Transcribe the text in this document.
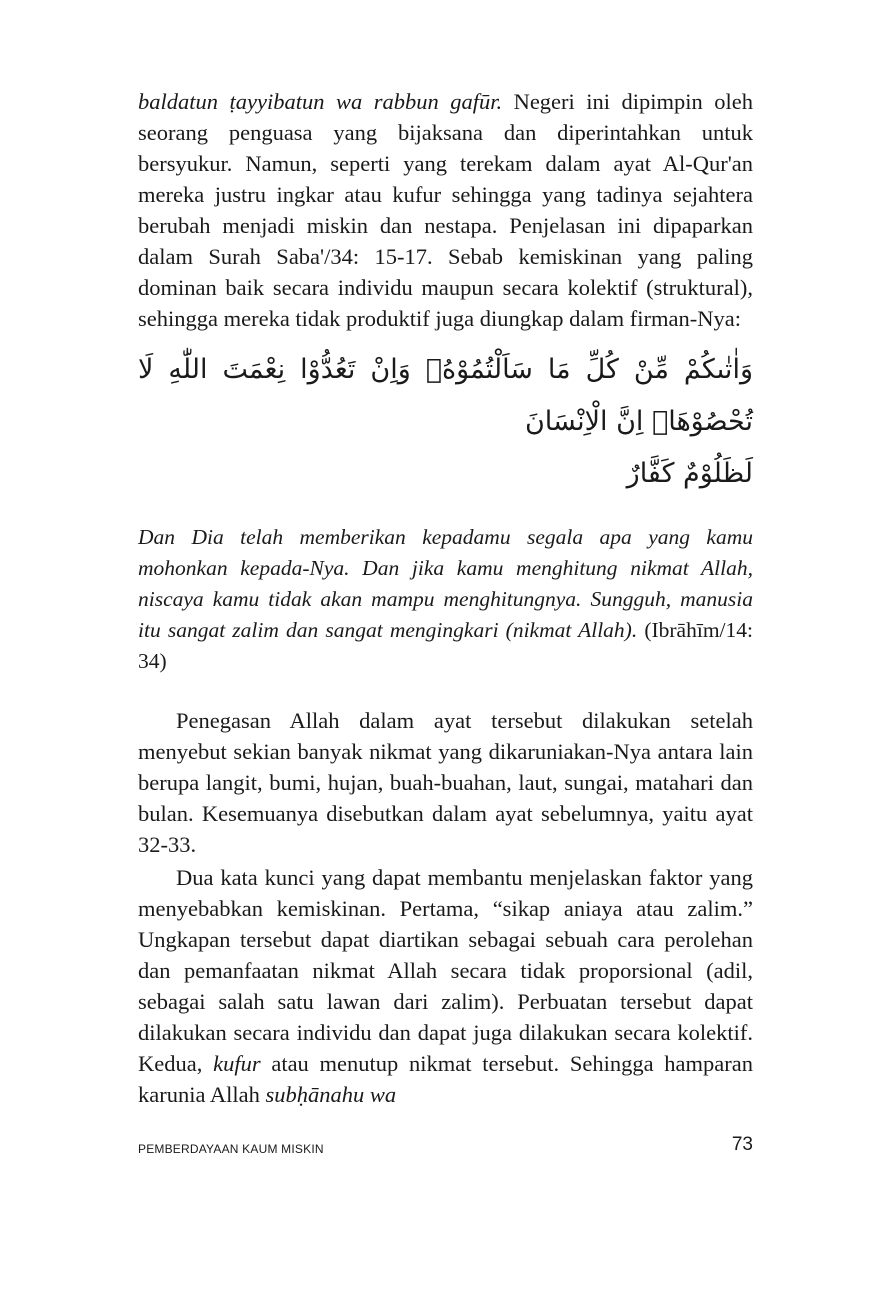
baldatun ṭayyibatun wa rabbun gafūr. Negeri ini dipimpin oleh seorang penguasa yang bijaksana dan diperintahkan untuk bersyukur. Namun, seperti yang terekam dalam ayat Al-Qur'an mereka justru ingkar atau kufur sehingga yang tadinya sejahtera berubah menjadi miskin dan nestapa. Penjelasan ini dipaparkan dalam Surah Saba'/34: 15-17. Sebab kemiskinan yang paling dominan baik secara individu maupun secara kolektif (struktural), sehingga mereka tidak produktif juga diungkap dalam firman-Nya:

وَاٰتٰىكُمْ مِّنْ كُلِّ مَا سَاَلْتُمُوْهُۗ وَاِنْ تَعُدُّوْا نِعْمَتَ اللّٰهِ لَا تُحْصُوْهَاۗ اِنَّ الْاِنْسَانَ
لَظَلُوْمٌ كَفَّارٌ

Dan Dia telah memberikan kepadamu segala apa yang kamu mohonkan kepada-Nya. Dan jika kamu menghitung nikmat Allah, niscaya kamu tidak akan mampu menghitungnya. Sungguh, manusia itu sangat zalim dan sangat mengingkari (nikmat Allah). (Ibrāhīm/14: 34)

Penegasan Allah dalam ayat tersebut dilakukan setelah menyebut sekian banyak nikmat yang dikaruniakan-Nya antara lain berupa langit, bumi, hujan, buah-buahan, laut, sungai, matahari dan bulan. Kesemuanya disebutkan dalam ayat sebelumnya, yaitu ayat 32-33.

Dua kata kunci yang dapat membantu menjelaskan faktor yang menyebabkan kemiskinan. Pertama, “sikap aniaya atau zalim.” Ungkapan tersebut dapat diartikan sebagai sebuah cara perolehan dan pemanfaatan nikmat Allah secara tidak proporsional (adil, sebagai salah satu lawan dari zalim). Perbuatan tersebut dapat dilakukan secara individu dan dapat juga dilakukan secara kolektif. Kedua, kufur atau menutup nikmat tersebut. Sehingga hamparan karunia Allah subḥānahu wa

PEMBERDAYAAN KAUM MISKIN	73
